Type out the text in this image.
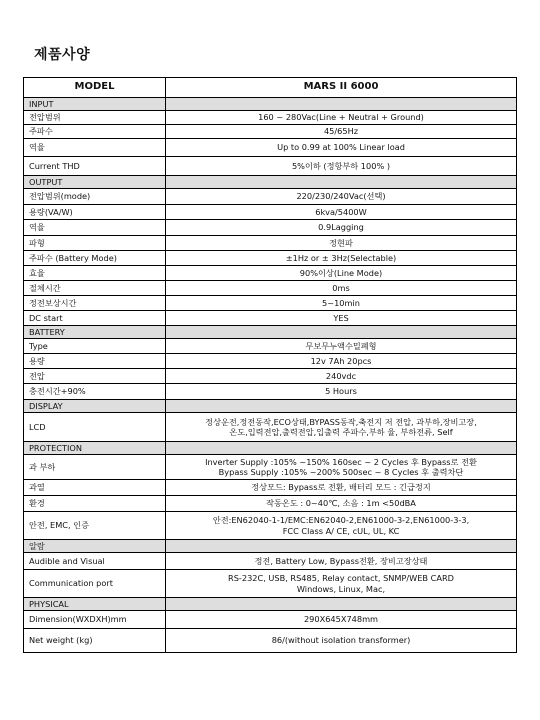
제품사양
MODEL	MARS II 6000
INPUT	
전압범위	160 ~ 280Vac(Line + Neutral + Ground)

주파수	45/65Hz

역율	Up to 0.99 at 100% Linear load

Current THD	5%이하 (정항부하 100% )

OUTPUT	
전압범위(mode)	220/230/240Vac(선택)

용량(VA/W)	6kva/5400W

역율	0.9Lagging

파형	정현파

주파수 (Battery Mode)	±1Hz or ± 3Hz(Selectable)

효율	90%이상(Line Mode)

절체시간	0ms

정전보상시간	5~10min

DC start	YES

BATTERY	
Type	무보무누액수밀폐형

용량	12v 7Ah 20pcs

전압	240vdc

충전시간+90%	5 Hours

DISPLAY	
LCD	정상운전,정전동작,ECO상태,BYPASS동작,축전지 저 전압, 과부하,장비고장,
온도,입력전압,출력전압,입출력 주파수,부하 율, 부하전류, Self

PROTECTION	
과 부하	Inverter Supply :105% ~150% 160sec ~ 2 Cycles 후 Bypass로 전환
Bypass Supply :105% ~200% 500sec ~ 8 Cycles 후 출력차단

과열	정상모드: Bypass로 전환, 배터리 모드 : 긴급정지

환경	작동온도 : 0~40℃, 소음 : 1m <50dBA

안전, EMC, 인증	안전:EN62040-1-1/EMC:EN62040-2,EN61000-3-2,EN61000-3-3,
FCC Class A/ CE, cUL, UL, KC

알람	
Audible and Visual	정전, Battery Low, Bypass전환, 장비고장상태

Communication port	RS-232C, USB, RS485, Relay contact, SNMP/WEB CARD
Windows, Linux, Mac,

PHYSICAL	
Dimension(WXDXH)mm	290X645X748mm

Net weight (kg)	86/(without isolation transformer)
